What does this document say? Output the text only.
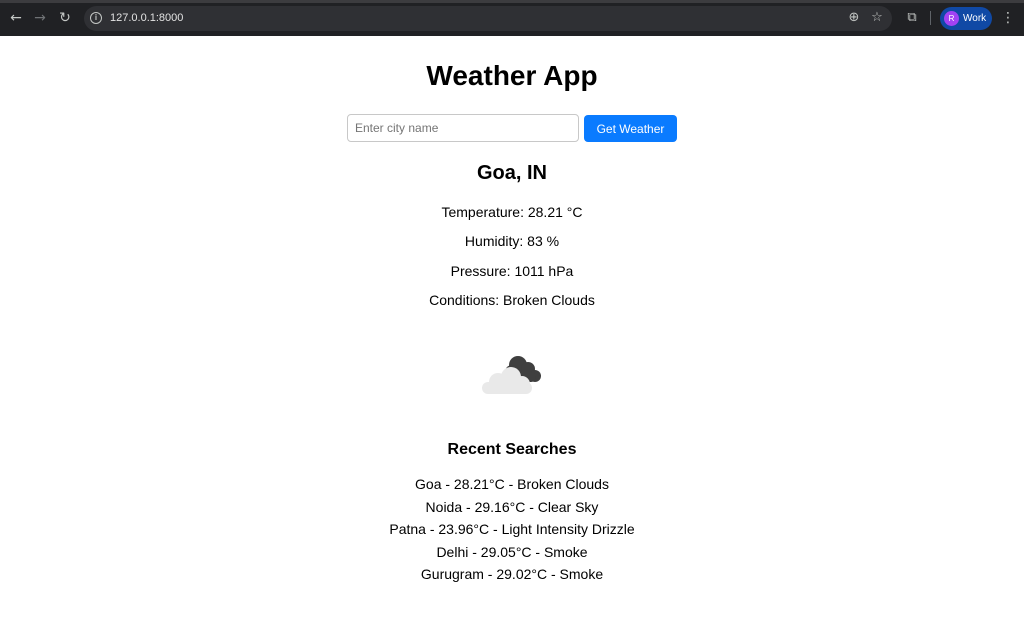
← → ↻	i	127.0.0.1:8000	⊕ ☆ ⧉	R Work ⋮
Weather App
Enter city name
Get Weather
Goa, IN
Temperature: 28.21 °C
Humidity: 83 %
Pressure: 1011 hPa
Conditions: Broken Clouds
Recent Searches
Goa - 28.21°C - Broken Clouds
Noida - 29.16°C - Clear Sky
Patna - 23.96°C - Light Intensity Drizzle
Delhi - 29.05°C - Smoke
Gurugram - 29.02°C - Smoke
